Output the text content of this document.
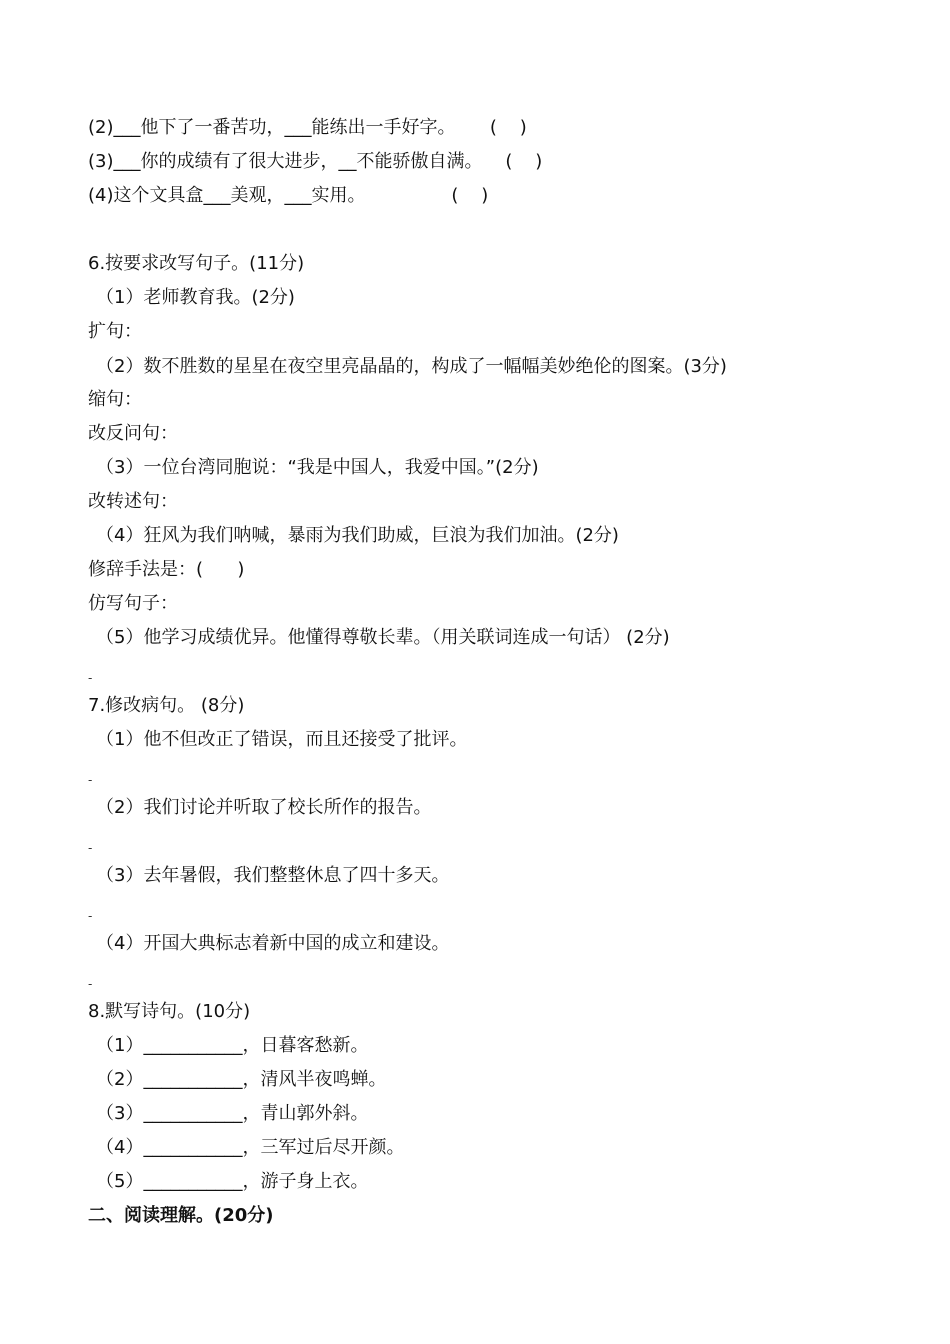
(2)___他下了一番苦功，___能练出一手好字。      (    )
(3)___你的成绩有了很大进步，__不能骄傲自满。    (    )
(4)这个文具盒___美观，___实用。               (    )
6.按要求改写句子。(11分)
（1）老师教育我。(2分)
扩句：
（2）数不胜数的星星在夜空里亮晶晶的，构成了一幅幅美妙绝伦的图案。(3分)
缩句：
改反问句：
（3）一位台湾同胞说：“我是中国人，我爱中国。”(2分)
改转述句：
（4）狂风为我们呐喊，暴雨为我们助威，巨浪为我们加油。(2分)
修辞手法是：(      )
仿写句子：
（5）他学习成绩优异。他懂得尊敬长辈。（用关联词连成一句话） (2分)
-
7.修改病句。 (8分)
（1）他不但改正了错误，而且还接受了批评。
-
（2）我们讨论并听取了校长所作的报告。
-
（3）去年暑假，我们整整休息了四十多天。
-
（4）开国大典标志着新中国的成立和建设。
-
8.默写诗句。(10分)
（1）___________，日暮客愁新。
（2）___________，清风半夜鸣蝉。
（3）___________，青山郭外斜。
（4）___________，三军过后尽开颜。
（5）___________，游子身上衣。
二、阅读理解。(20分)
